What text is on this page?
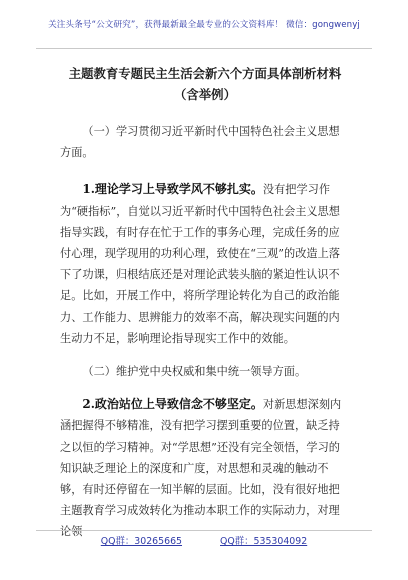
关注头条号“公文研究”，获得最新最全最专业的公文资料库！ 微信：gongwenyj
主题教育专题民主生活会新六个方面具体剖析材料（含举例）

（一）学习贯彻习近平新时代中国特色社会主义思想方面。

1.理论学习上导致学风不够扎实。没有把学习作为“硬指标”，自觉以习近平新时代中国特色社会主义思想指导实践，有时存在忙于工作的事务心理，完成任务的应付心理，现学现用的功利心理，致使在“三观”的改造上落下了功课，归根结底还是对理论武装头脑的紧迫性认识不足。比如，开展工作中，将所学理论转化为自己的政治能力、工作能力、思辨能力的效率不高，解决现实问题的内生动力不足，影响理论指导现实工作中的效能。

（二）维护党中央权威和集中统一领导方面。

2.政治站位上导致信念不够坚定。对新思想深刻内涵把握得不够精准，没有把学习摆到重要的位置，缺乏持之以恒的学习精神。对“学思想”还没有完全领悟，学习的知识缺乏理论上的深度和广度，对思想和灵魂的触动不够，有时还停留在一知半解的层面。比如，没有很好地把主题教育学习成效转化为推动本职工作的实际动力，对理论领

QQ群：30265665	QQ群：535304092
